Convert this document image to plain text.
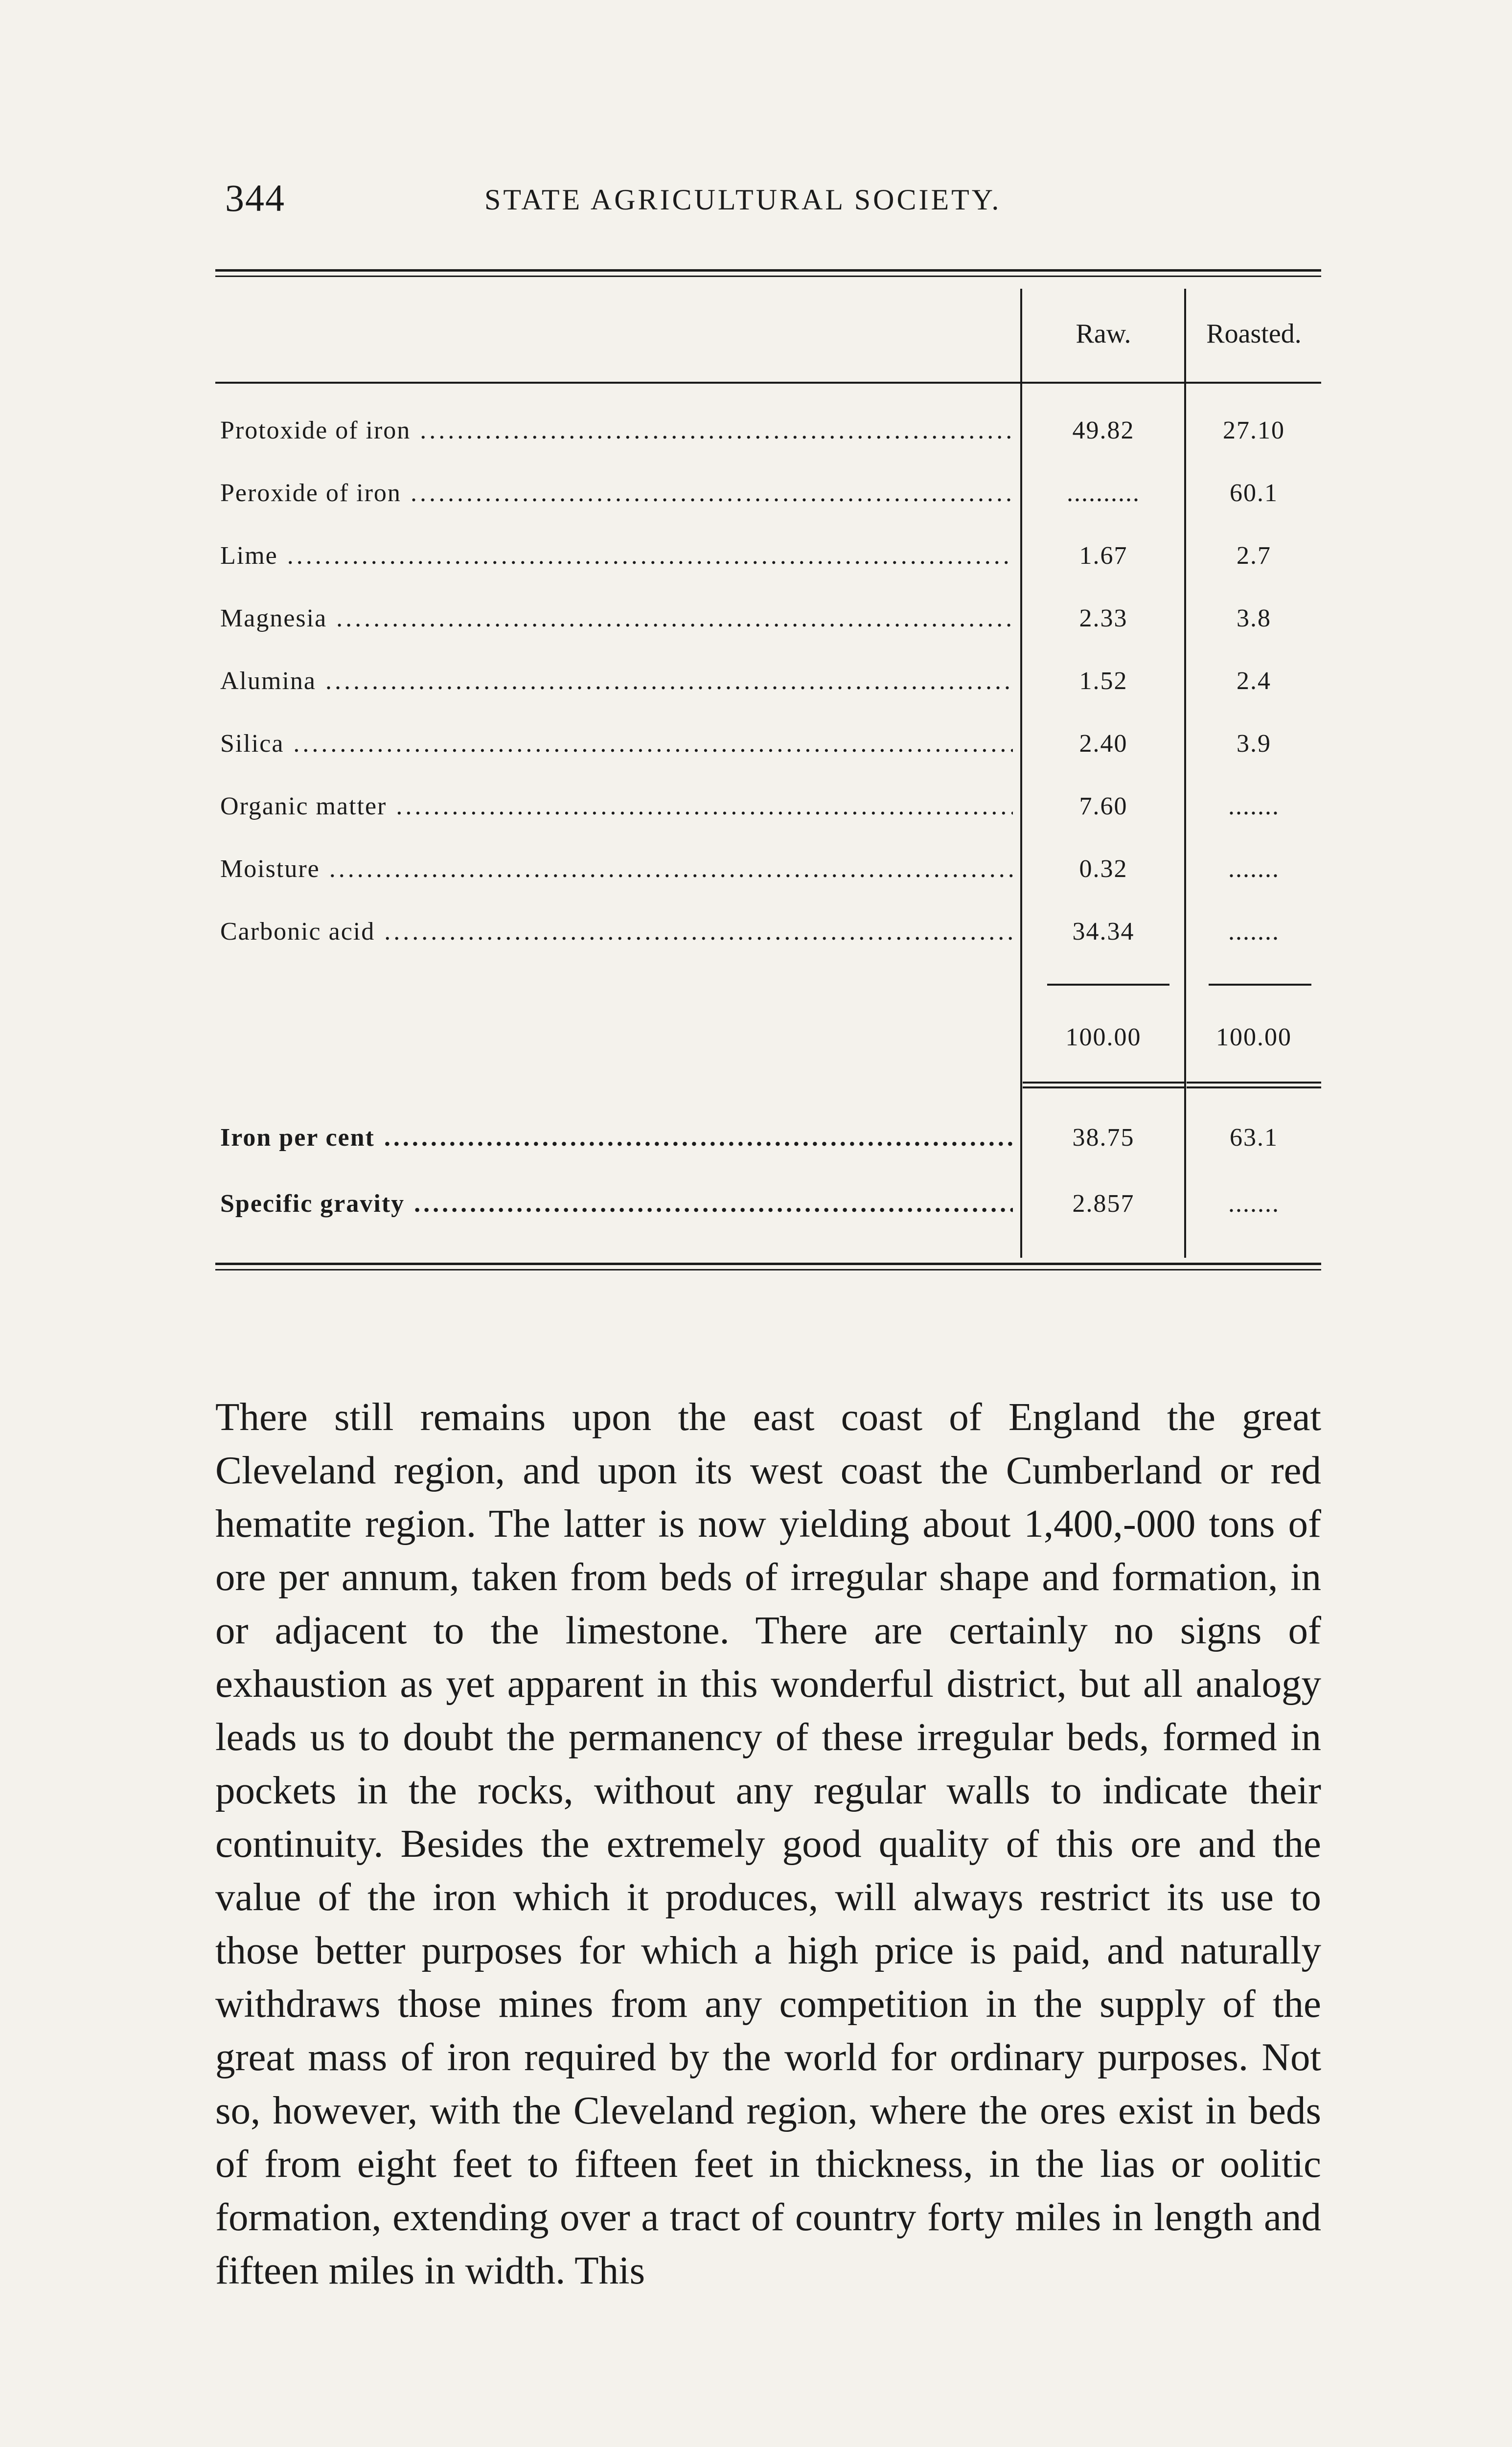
344	STATE AGRICULTURAL SOCIETY.
Raw.	Roasted.
Protoxide of iron .....	49.82	27.10
Peroxide of iron .....	..........	60.1
Lime .....	1.67	2.7
Magnesia .....	2.33	3.8
Alumina .....	1.52	2.4
Silica .....	2.40	3.9
Organic matter .....	7.60	.......
Moisture .....	0.32	.......
Carbonic acid .....	34.34	.......
100.00	100.00
Iron per cent .....	38.75	63.1
Specific gravity .....	2.857	.......

There still remains upon the east coast of England the great Cleveland region, and upon its west coast the Cumberland or red hematite region. The latter is now yielding about 1,400,-000 tons of ore per annum, taken from beds of irregular shape and formation, in or adjacent to the limestone. There are certainly no signs of exhaustion as yet apparent in this wonderful district, but all analogy leads us to doubt the permanency of these irregular beds, formed in pockets in the rocks, without any regular walls to indicate their continuity. Besides the extremely good quality of this ore and the value of the iron which it produces, will always restrict its use to those better purposes for which a high price is paid, and naturally withdraws those mines from any competition in the supply of the great mass of iron required by the world for ordinary purposes. Not so, however, with the Cleveland region, where the ores exist in beds of from eight feet to fifteen feet in thickness, in the lias or oolitic formation, extending over a tract of country forty miles in length and fifteen miles in width. This
